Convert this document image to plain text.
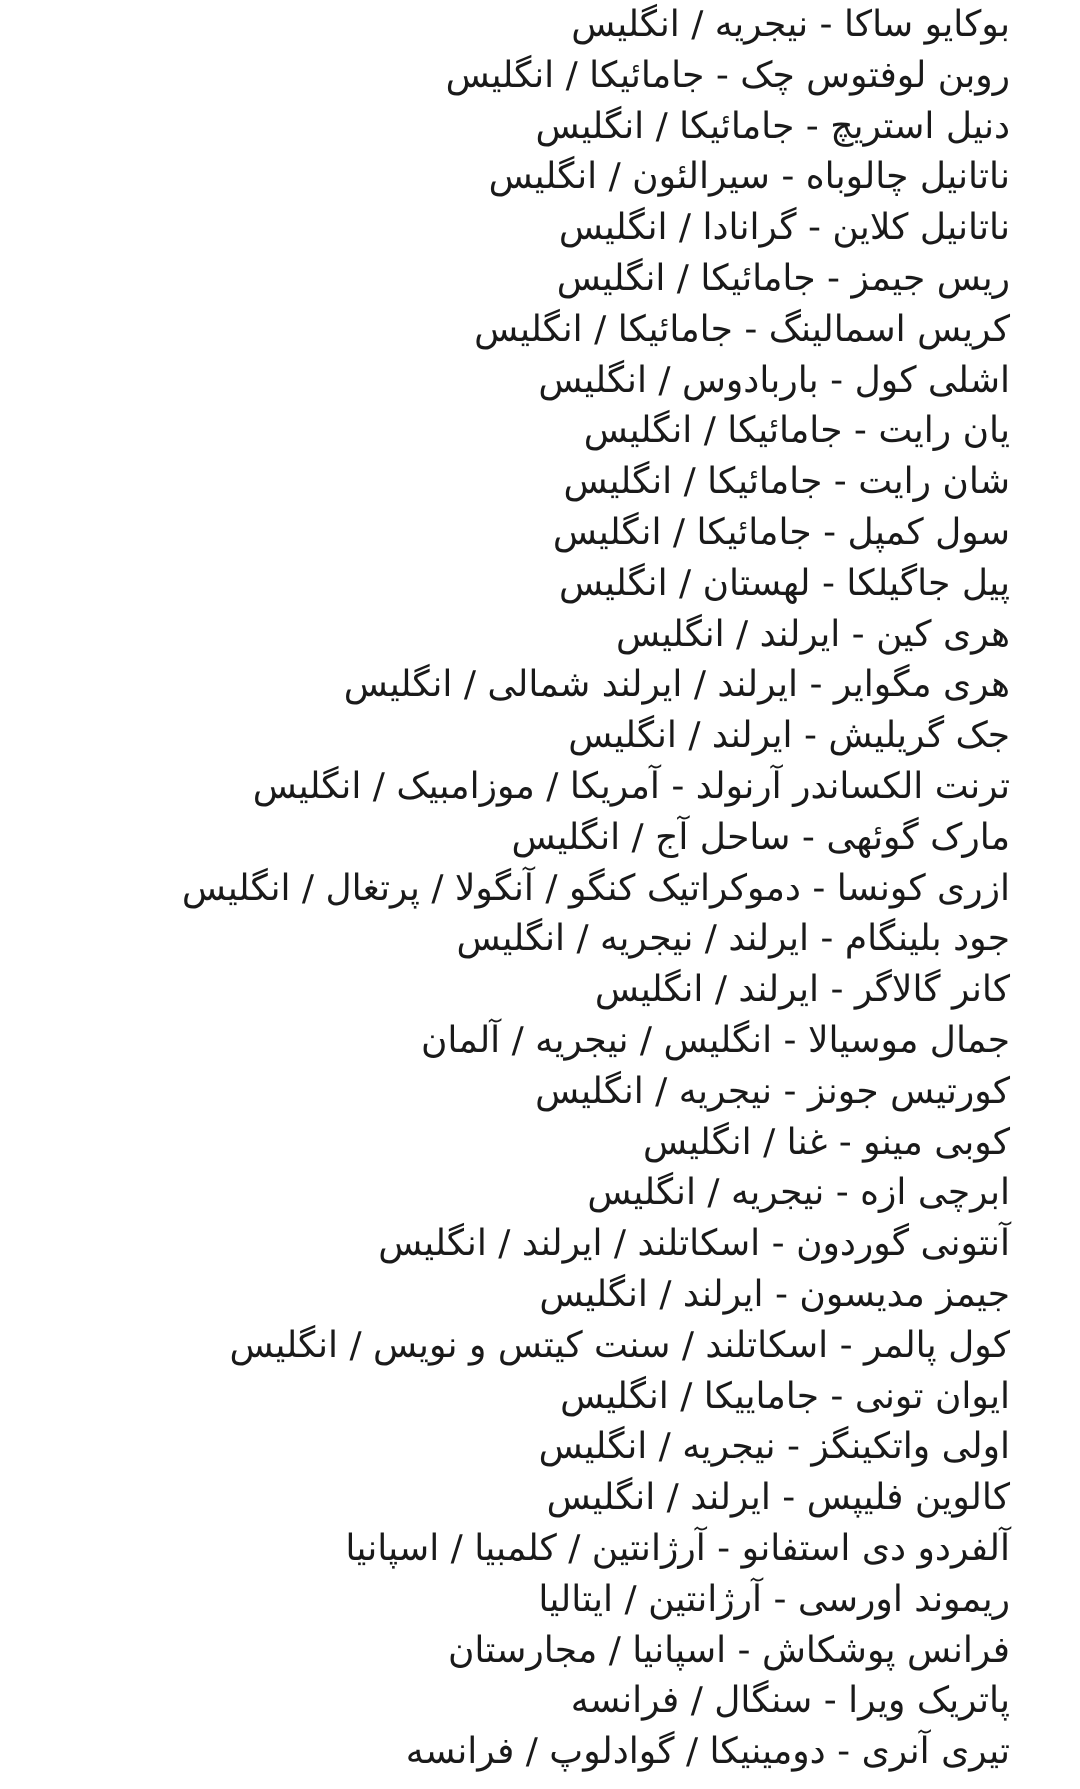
بوکایو ساکا - نیجریه / انگلیس
روبن لوفتوس چک - جامائیکا / انگلیس
دنیل استریچ - جامائیکا / انگلیس
ناتانیل چالوباه - سیرالئون / انگلیس
ناتانیل کلاین - گرانادا / انگلیس
ریس جیمز - جامائیکا / انگلیس
کریس اسمالینگ - جامائیکا / انگلیس
اشلی کول - باربادوس / انگلیس
یان رایت - جامائیکا / انگلیس
شان رایت - جامائیکا / انگلیس
سول کمپل - جامائیکا / انگلیس
پیل جاگیلکا - لهستان / انگلیس
هری کین - ایرلند / انگلیس
هری مگوایر - ایرلند / ایرلند شمالی / انگلیس
جک گریلیش - ایرلند / انگلیس
ترنت الکساندر آرنولد - آمریکا / موزامبیک / انگلیس
مارک گوئهی - ساحل آج / انگلیس
ازری کونسا - دموکراتیک کنگو / آنگولا / پرتغال / انگلیس
جود بلینگام - ایرلند / نیجریه / انگلیس
کانر گالاگر - ایرلند / انگلیس
جمال موسیالا - انگلیس / نیجریه / آلمان
کورتیس جونز - نیجریه / انگلیس
کوبی مینو - غنا / انگلیس
ابرچی ازه - نیجریه / انگلیس
آنتونی گوردون - اسکاتلند / ایرلند / انگلیس
جیمز مدیسون - ایرلند / انگلیس
کول پالمر - اسکاتلند / سنت کیتس و نویس / انگلیس
ایوان تونی - جاماییکا / انگلیس
اولی واتکینگز - نیجریه / انگلیس
کالوین فلیپس - ایرلند / انگلیس
آلفردو دی استفانو - آرژانتین / کلمبیا / اسپانیا
ریموند اورسی - آرژانتین / ایتالیا
فرانس پوشکاش - اسپانیا / مجارستان
پاتریک ویرا - سنگال / فرانسه
تیری آنری - دومینیکا / گوادلوپ / فرانسه
